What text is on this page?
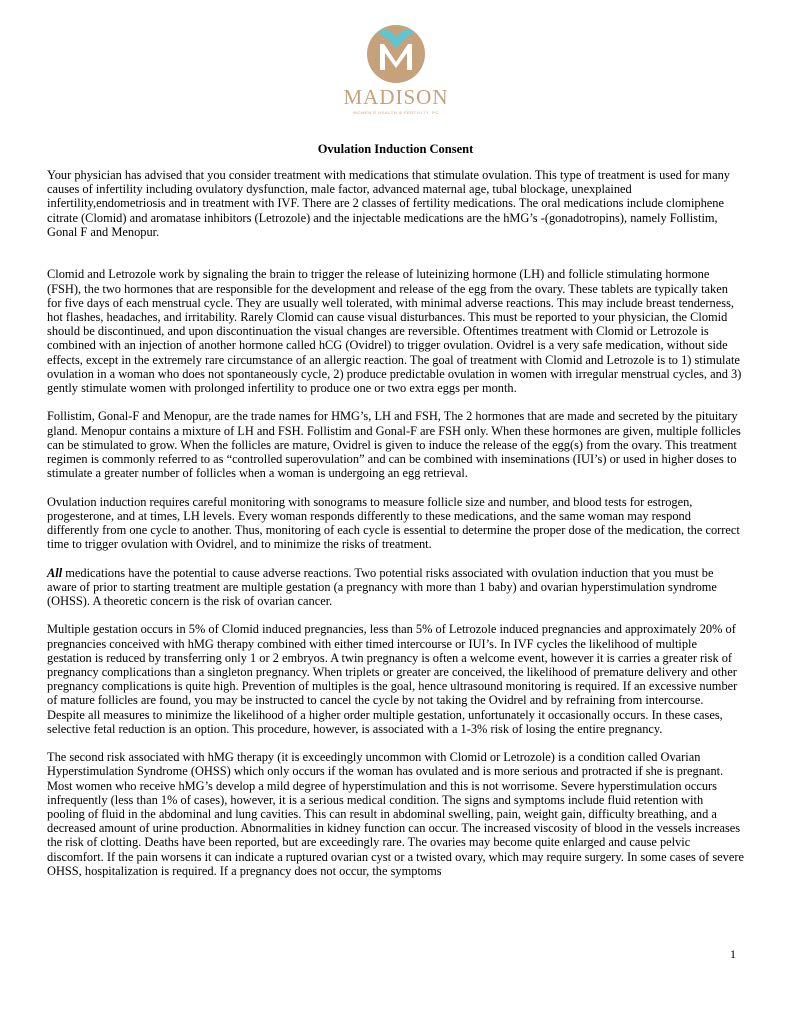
MADISON
WOMEN'S HEALTH & FERTILITY, PC
Ovulation Induction Consent

Your physician has advised that you consider treatment with medications that stimulate ovulation. This type of treatment is used for many causes of infertility including ovulatory dysfunction, male factor, advanced maternal age, tubal blockage, unexplained infertility,endometriosis and in treatment with IVF. There are 2 classes of fertility medications. The oral medications include clomiphene citrate (Clomid) and aromatase inhibitors (Letrozole) and the injectable medications are the hMG’s -(gonadotropins), namely Follistim, Gonal F and Menopur.

Clomid and Letrozole work by signaling the brain to trigger the release of luteinizing hormone (LH) and follicle stimulating hormone (FSH), the two hormones that are responsible for the development and release of the egg from the ovary. These tablets are typically taken for five days of each menstrual cycle. They are usually well tolerated, with minimal adverse reactions. This may include breast tenderness, hot flashes, headaches, and irritability. Rarely Clomid can cause visual disturbances. This must be reported to your physician, the Clomid should be discontinued, and upon discontinuation the visual changes are reversible. Oftentimes treatment with Clomid or Letrozole is combined with an injection of another hormone called hCG (Ovidrel) to trigger ovulation. Ovidrel is a very safe medication, without side effects, except in the extremely rare circumstance of an allergic reaction. The goal of treatment with Clomid and Letrozole is to 1) stimulate ovulation in a woman who does not spontaneously cycle, 2) produce predictable ovulation in women with irregular menstrual cycles, and 3) gently stimulate women with prolonged infertility to produce one or two extra eggs per month.

Follistim, Gonal-F and Menopur, are the trade names for HMG’s, LH and FSH, The 2 hormones that are made and secreted by the pituitary gland. Menopur contains a mixture of LH and FSH. Follistim and Gonal-F are FSH only. When these hormones are given, multiple follicles can be stimulated to grow. When the follicles are mature, Ovidrel is given to induce the release of the egg(s) from the ovary. This treatment regimen is commonly referred to as “controlled superovulation” and can be combined with inseminations (IUI’s) or used in higher doses to stimulate a greater number of follicles when a woman is undergoing an egg retrieval.

Ovulation induction requires careful monitoring with sonograms to measure follicle size and number, and blood tests for estrogen, progesterone, and at times, LH levels. Every woman responds differently to these medications, and the same woman may respond differently from one cycle to another. Thus, monitoring of each cycle is essential to determine the proper dose of the medication, the correct time to trigger ovulation with Ovidrel, and to minimize the risks of treatment.

All medications have the potential to cause adverse reactions. Two potential risks associated with ovulation induction that you must be aware of prior to starting treatment are multiple gestation (a pregnancy with more than 1 baby) and ovarian hyperstimulation syndrome (OHSS). A theoretic concern is the risk of ovarian cancer.

Multiple gestation occurs in 5% of Clomid induced pregnancies, less than 5% of Letrozole induced pregnancies and approximately 20% of pregnancies conceived with hMG therapy combined with either timed intercourse or IUI’s. In IVF cycles the likelihood of multiple gestation is reduced by transferring only 1 or 2 embryos. A twin pregnancy is often a welcome event, however it is carries a greater risk of pregnancy complications than a singleton pregnancy. When triplets or greater are conceived, the likelihood of premature delivery and other pregnancy complications is quite high. Prevention of multiples is the goal, hence ultrasound monitoring is required. If an excessive number of mature follicles are found, you may be instructed to cancel the cycle by not taking the Ovidrel and by refraining from intercourse. Despite all measures to minimize the likelihood of a higher order multiple gestation, unfortunately it occasionally occurs. In these cases, selective fetal reduction is an option. This procedure, however, is associated with a 1-3% risk of losing the entire pregnancy.

The second risk associated with hMG therapy (it is exceedingly uncommon with Clomid or Letrozole) is a condition called Ovarian Hyperstimulation Syndrome (OHSS) which only occurs if the woman has ovulated and is more serious and protracted if she is pregnant. Most women who receive hMG’s develop a mild degree of hyperstimulation and this is not worrisome. Severe hyperstimulation occurs infrequently (less than 1% of cases), however, it is a serious medical condition. The signs and symptoms include fluid retention with pooling of fluid in the abdominal and lung cavities. This can result in abdominal swelling, pain, weight gain, difficulty breathing, and a decreased amount of urine production. Abnormalities in kidney function can occur. The increased viscosity of blood in the vessels increases the risk of clotting. Deaths have been reported, but are exceedingly rare. The ovaries may become quite enlarged and cause pelvic discomfort. If the pain worsens it can indicate a ruptured ovarian cyst or a twisted ovary, which may require surgery. In some cases of severe OHSS, hospitalization is required. If a pregnancy does not occur, the symptoms

1
